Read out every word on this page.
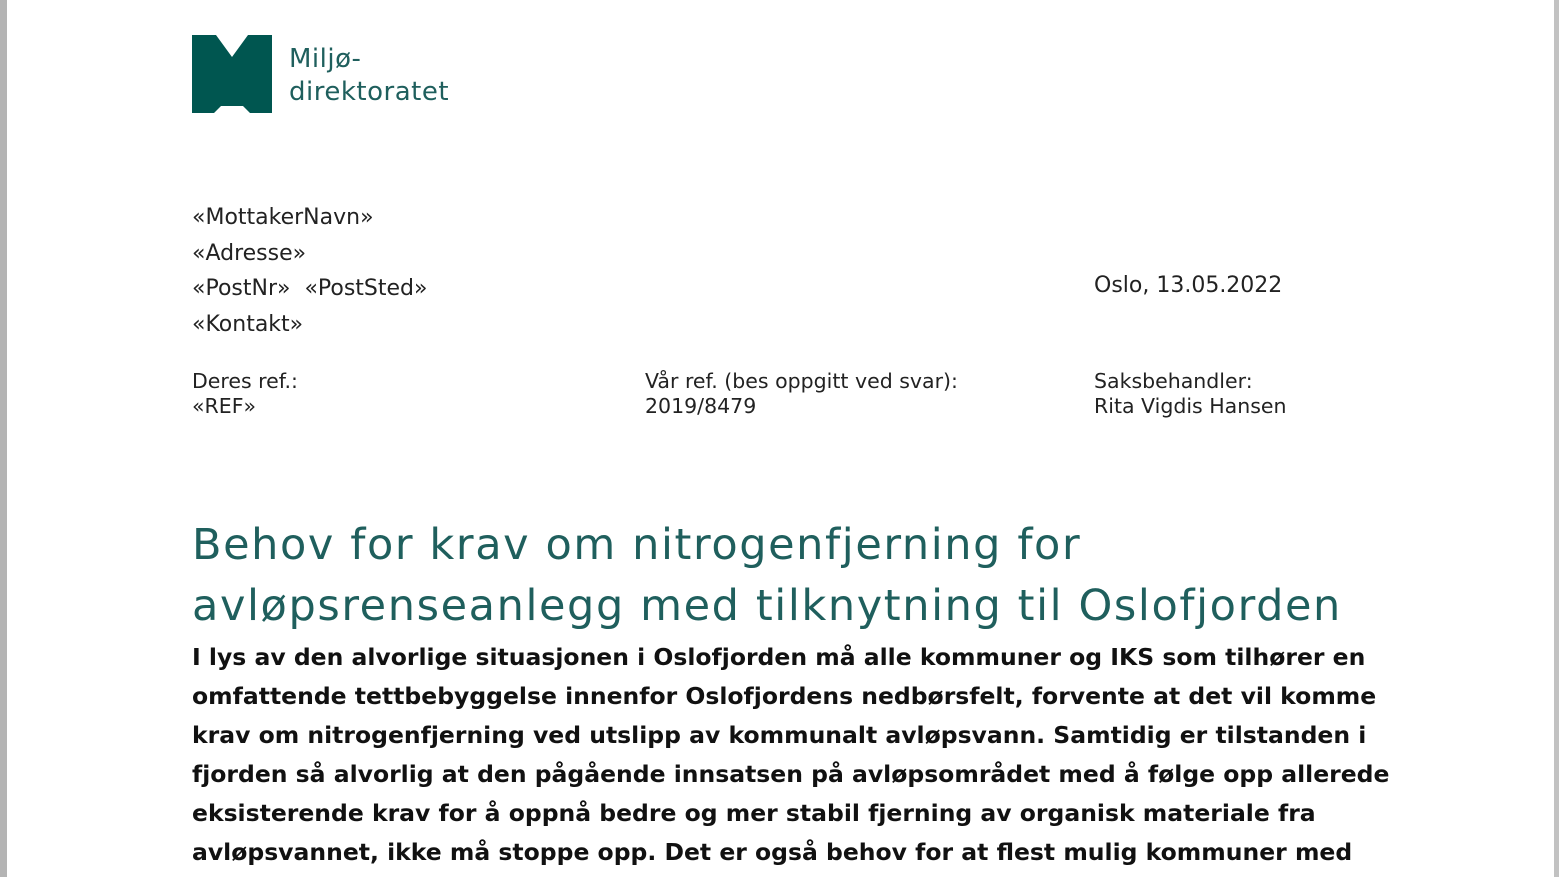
Miljø-
direktoratet
«MottakerNavn»
«Adresse»
«PostNr»  «PostSted»
«Kontakt»
Oslo, 13.05.2022
Deres ref.:
«REF»
Vår ref. (bes oppgitt ved svar):
2019/8479
Saksbehandler:
Rita Vigdis Hansen
Behov for krav om nitrogenfjerning for
avløpsrenseanlegg med tilknytning til Oslofjorden
I lys av den alvorlige situasjonen i Oslofjorden må alle kommuner og IKS som tilhører en
omfattende tettbebyggelse innenfor Oslofjordens nedbørsfelt, forvente at det vil komme
krav om nitrogenfjerning ved utslipp av kommunalt avløpsvann. Samtidig er tilstanden i
fjorden så alvorlig at den pågående innsatsen på avløpsområdet med å følge opp allerede
eksisterende krav for å oppnå bedre og mer stabil fjerning av organisk materiale fra
avløpsvannet, ikke må stoppe opp. Det er også behov for at flest mulig kommuner med
